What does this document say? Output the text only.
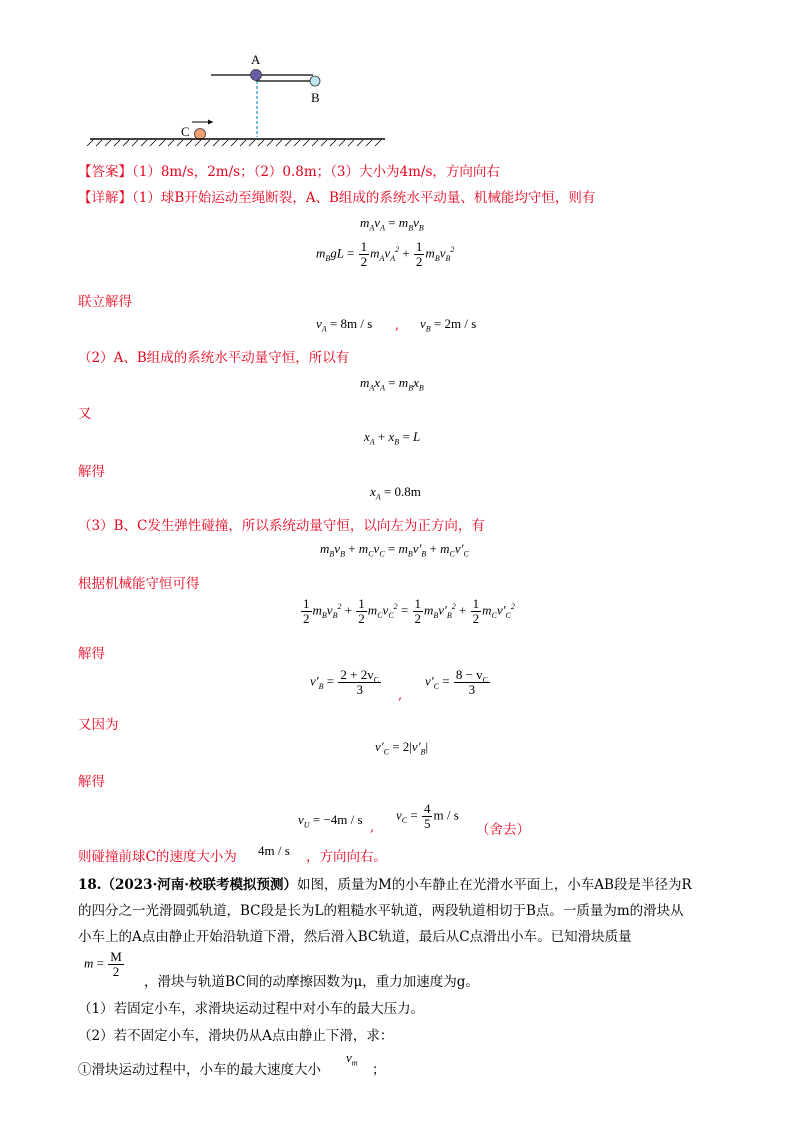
A
B
C
【答案】（1）8m/s，2m/s；（2）0.8m；（3）大小为4m/s，方向向右
【详解】（1）球B开始运动至绳断裂，A、B组成的系统水平动量、机械能均守恒，则有
$m_Av_A = m_Bv_B$
$m_BgL = \frac{1}{2} m_Av_A^2 + \frac{1}{2} m_Bv_B^2$
联立解得
$v_A = 8m / s$ , $v_B = 2m / s$
（2）A、B组成的系统水平动量守恒，所以有
$m_Ax_A = m_Bx_B$
又
$x_A + x_B = L$
解得
$x_A = 0.8m$
（3）B、C发生弹性碰撞，所以系统动量守恒，以向左为正方向，有
$m_Bv_B + m_Cv_C = m_Bv'_B + m_Cv'_C$
根据机械能守恒可得
$\frac{1}{2} m_Bv_B^2 + \frac{1}{2} m_Cv_C^2 = \frac{1}{2} m_Bv'_B^2 + \frac{1}{2} m_Cv'_C^2$
解得
$v'_B = \frac{2 + 2v_C}{3}$ ,
$v'_C = \frac{8 - v_C}{3}$
又因为
$v'_C = 2|v'_B|$
解得
$v_U = -4m / s$
,
$v_C = \frac{4}{5}$ m / s
（舍去）
则碰撞前球C的速度大小为 4m / s ，方向向右。
18.（2023·河南·校联考模拟预测）如图，质量为M的小车静止在光滑水平面上，小车AB段是半径为R
的四分之一光滑圆弧轨道，BC段是长为L的粗糙水平轨道，两段轨道相切于B点。一质量为m的滑块从
小车上的A点由静止开始沿轨道下滑，然后滑入BC轨道，最后从C点滑出小车。已知滑块质量
$m = \frac{M}{2}$
，滑块与轨道BC间的动摩擦因数为μ，重力加速度为g。
（1）若固定小车，求滑块运动过程中对小车的最大压力。
（2）若不固定小车，滑块仍从A点由静止下滑，求：
①滑块运动过程中，小车的最大速度大小
$v_m$ ；
